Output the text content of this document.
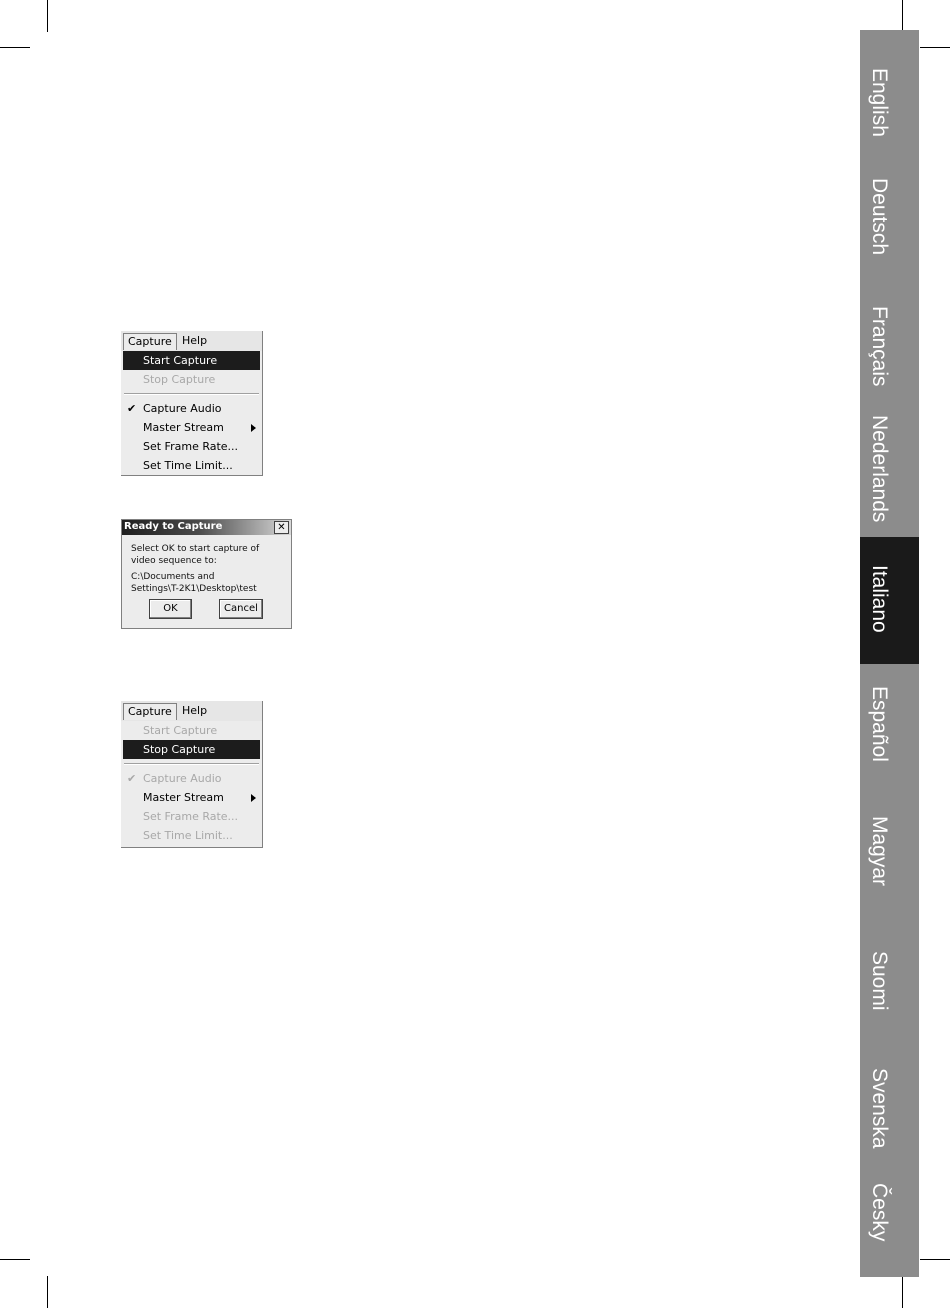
English
Deutsch
Français
Nederlands
Italiano
Español
Magyar
Suomi
Svenska
Česky
Capture Help
Start Capture
Stop Capture
✔ Capture Audio
Master Stream
Set Frame Rate...
Set Time Limit...
Ready to Capture	✕
Select OK to start capture of
video sequence to:
C:\Documents and
Settings\T-2K1\Desktop\test
OK	Cancel
Capture Help
Start Capture
Stop Capture
✔ Capture Audio
Master Stream
Set Frame Rate...
Set Time Limit...
